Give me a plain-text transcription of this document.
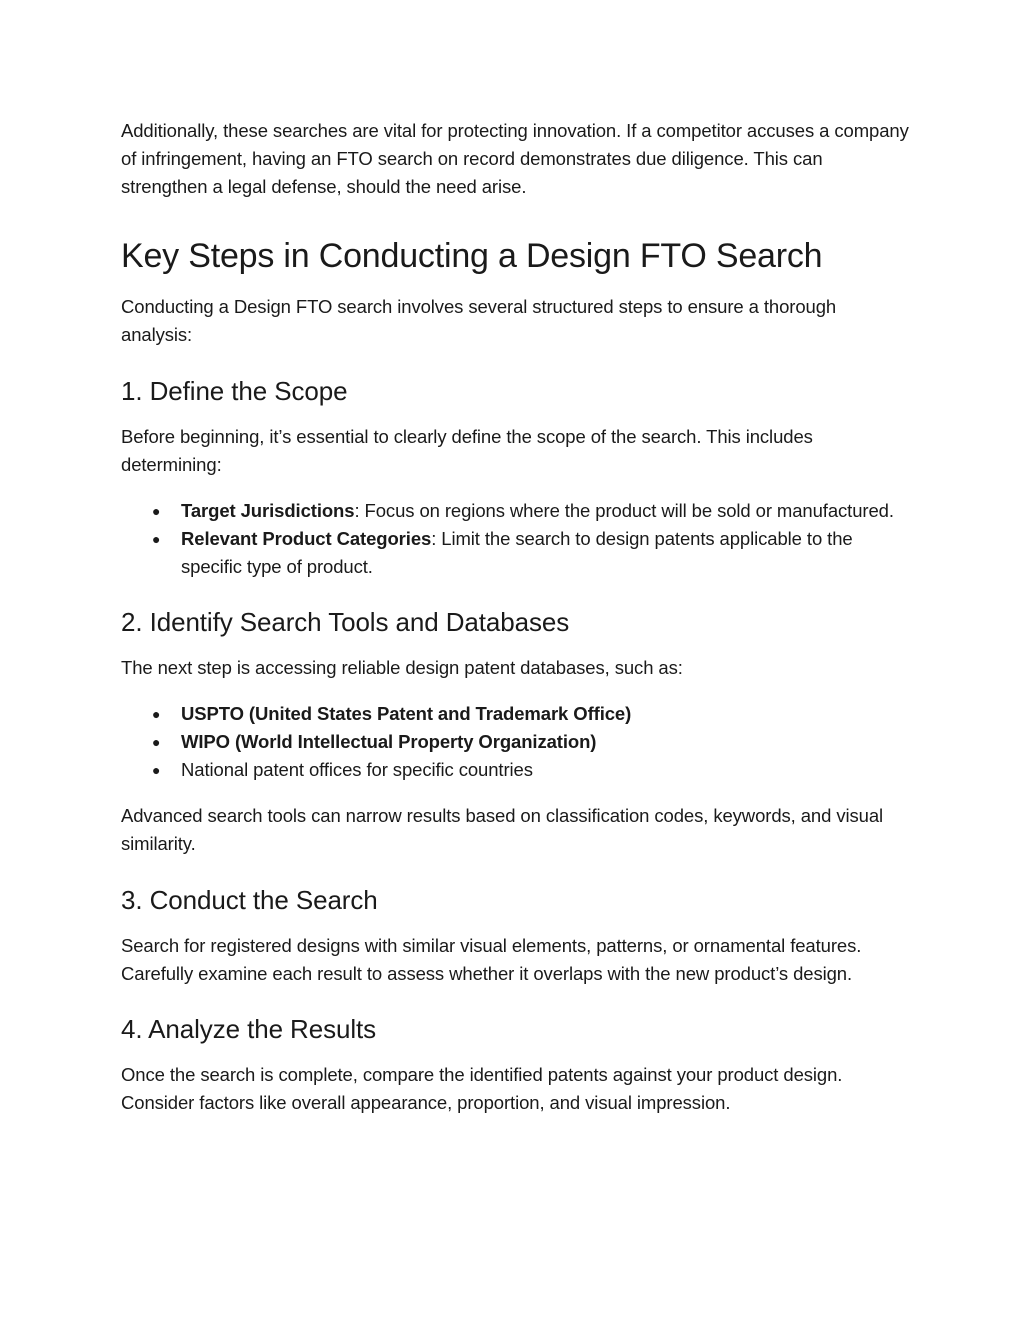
Additionally, these searches are vital for protecting innovation. If a competitor accuses a company of infringement, having an FTO search on record demonstrates due diligence. This can strengthen a legal defense, should the need arise.

Key Steps in Conducting a Design FTO Search

Conducting a Design FTO search involves several structured steps to ensure a thorough analysis:

1. Define the Scope

Before beginning, it’s essential to clearly define the scope of the search. This includes determining:

● Target Jurisdictions: Focus on regions where the product will be sold or manufactured.
● Relevant Product Categories: Limit the search to design patents applicable to the specific type of product.
2. Identify Search Tools and Databases

The next step is accessing reliable design patent databases, such as:

● USPTO (United States Patent and Trademark Office)
● WIPO (World Intellectual Property Organization)
● National patent offices for specific countries

Advanced search tools can narrow results based on classification codes, keywords, and visual similarity.

3. Conduct the Search

Search for registered designs with similar visual elements, patterns, or ornamental features. Carefully examine each result to assess whether it overlaps with the new product’s design.

4. Analyze the Results

Once the search is complete, compare the identified patents against your product design. Consider factors like overall appearance, proportion, and visual impression.
